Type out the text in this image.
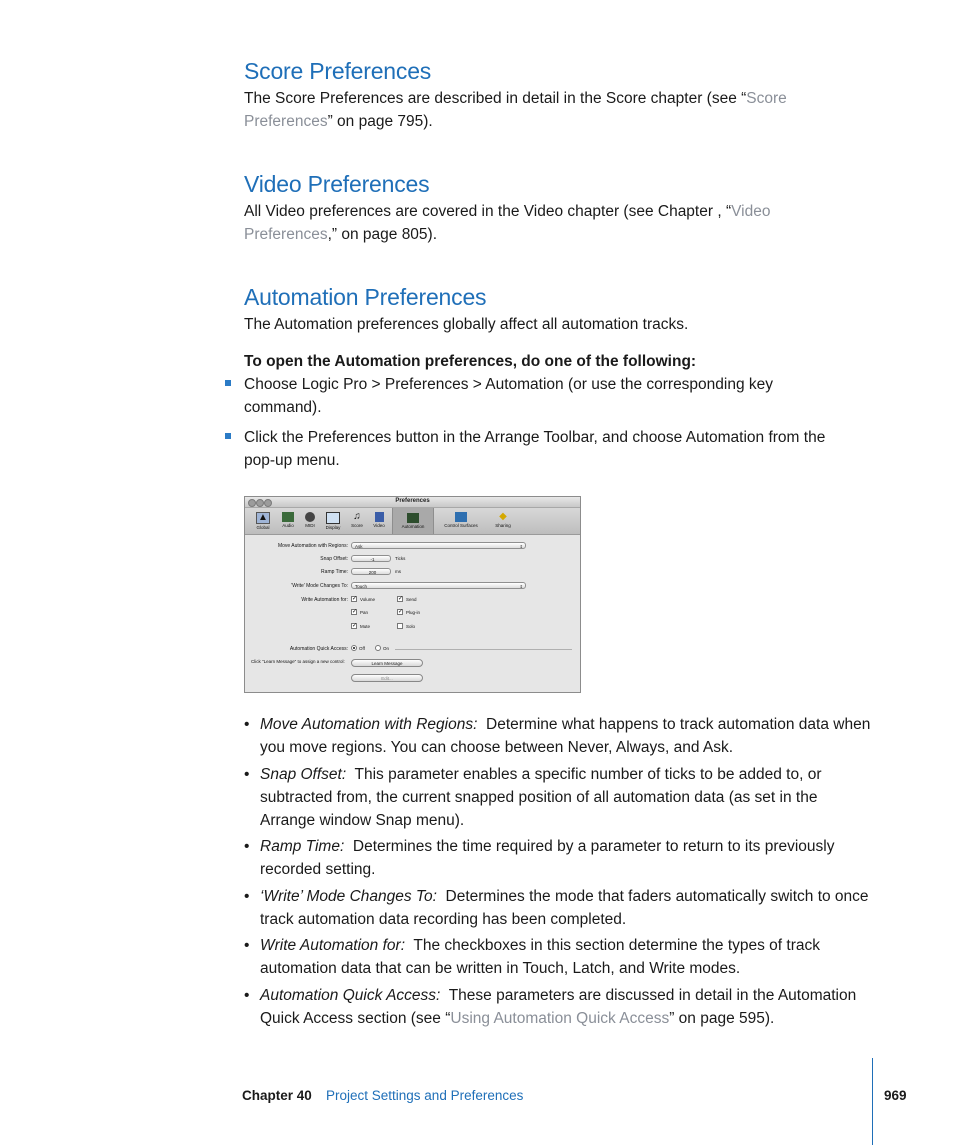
Score Preferences
The Score Preferences are described in detail in the Score chapter (see “Score Preferences” on page 795).
Video Preferences
All Video preferences are covered in the Video chapter (see Chapter , “Video Preferences,” on page 805).
Automation Preferences
The Automation preferences globally affect all automation tracks.
To open the Automation preferences, do one of the following:
Choose Logic Pro > Preferences > Automation (or use the corresponding key command).
Click the Preferences button in the Arrange Toolbar, and choose Automation from the pop-up menu.
Preferences
▲
Global	Audio	MIDI	Display
♫
Score	Video	Automation	Control Surfaces
◆
Sharing
Move Automation with Regions:	Ask	⇕
Snap Offset:	-1	Ticks
Ramp Time:	200	ms
'Write' Mode Changes To:	Touch	⇕
Write Automation for: ✓ Volume	✓ Send
✓ Pan	✓ Plug-in
✓ Mute	Solo
Automation Quick Access: Off	On
Click "Learn Message" to assign a new control:	Learn Message
Edit...
• Move Automation with Regions: Determine what happens to track automation data when you move regions. You can choose between Never, Always, and Ask.
• Snap Offset: This parameter enables a specific number of ticks to be added to, or subtracted from, the current snapped position of all automation data (as set in the Arrange window Snap menu).
• Ramp Time: Determines the time required by a parameter to return to its previously recorded setting.
• ‘Write’ Mode Changes To: Determines the mode that faders automatically switch to once track automation data recording has been completed.
• Write Automation for: The checkboxes in this section determine the types of track automation data that can be written in Touch, Latch, and Write modes.
• Automation Quick Access: These parameters are discussed in detail in the Automation Quick Access section (see “Using Automation Quick Access” on page 595).
Chapter 40 Project Settings and Preferences	969
